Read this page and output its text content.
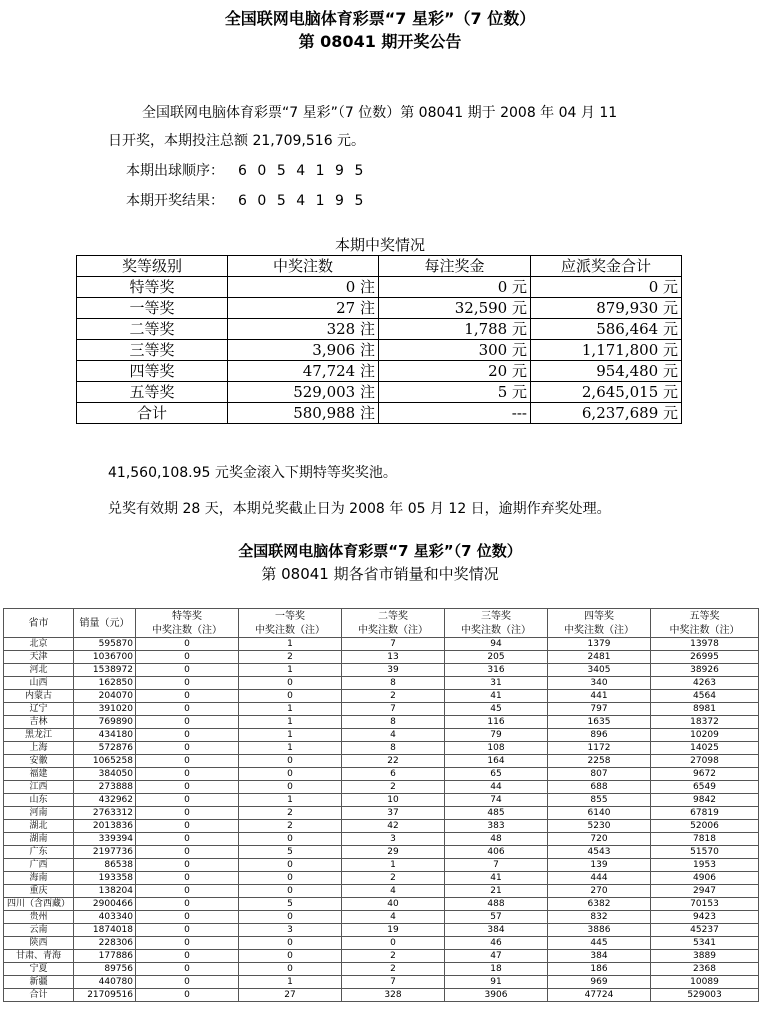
全国联网电脑体育彩票“7 星彩”（7 位数）
第 08041 期开奖公告
全国联网电脑体育彩票“7 星彩”（7 位数）第 08041 期于 2008 年 04 月 11
日开奖，本期投注总额 21,709,516 元。
本期出球顺序： 6054195
本期开奖结果： 6054195
本期中奖情况
奖等级别	中奖注数	每注奖金	应派奖金合计
特等奖	0 注	0 元	0 元
一等奖	27 注	32,590 元	879,930 元
二等奖	328 注	1,788 元	586,464 元
三等奖	3,906 注	300 元	1,171,800 元
四等奖	47,724 注	20 元	954,480 元
五等奖	529,003 注	5 元	2,645,015 元
合计	580,988 注	---	6,237,689 元
41,560,108.95 元奖金滚入下期特等奖奖池。
兑奖有效期 28 天，本期兑奖截止日为 2008 年 05 月 12 日，逾期作弃奖处理。
全国联网电脑体育彩票“7 星彩”（7 位数）
第 08041 期各省市销量和中奖情况
省市	销量（元）	特等奖	一等奖	二等奖	三等奖	四等奖	五等奖
		中奖注数（注）	中奖注数（注）	中奖注数（注）	中奖注数（注）	中奖注数（注）	中奖注数（注）
北京	595870	0	1	7	94	1379	13978
天津	1036700	0	2	13	205	2481	26995
河北	1538972	0	1	39	316	3405	38926
山西	162850	0	0	8	31	340	4263
内蒙古	204070	0	0	2	41	441	4564
辽宁	391020	0	1	7	45	797	8981
吉林	769890	0	1	8	116	1635	18372
黑龙江	434180	0	1	4	79	896	10209
上海	572876	0	1	8	108	1172	14025
安徽	1065258	0	0	22	164	2258	27098
福建	384050	0	0	6	65	807	9672
江西	273888	0	0	2	44	688	6549
山东	432962	0	1	10	74	855	9842
河南	2763312	0	2	37	485	6140	67819
湖北	2013836	0	2	42	383	5230	52006
湖南	339394	0	0	3	48	720	7818
广东	2197736	0	5	29	406	4543	51570
广西	86538	0	0	1	7	139	1953
海南	193358	0	0	2	41	444	4906
重庆	138204	0	0	4	21	270	2947
四川（含西藏）	2900466	0	5	40	488	6382	70153
贵州	403340	0	0	4	57	832	9423
云南	1874018	0	3	19	384	3886	45237
陕西	228306	0	0	0	46	445	5341
甘肃、青海	177886	0	0	2	47	384	3889
宁夏	89756	0	0	2	18	186	2368
新疆	440780	0	1	7	91	969	10089
合计	21709516	0	27	328	3906	47724	529003
